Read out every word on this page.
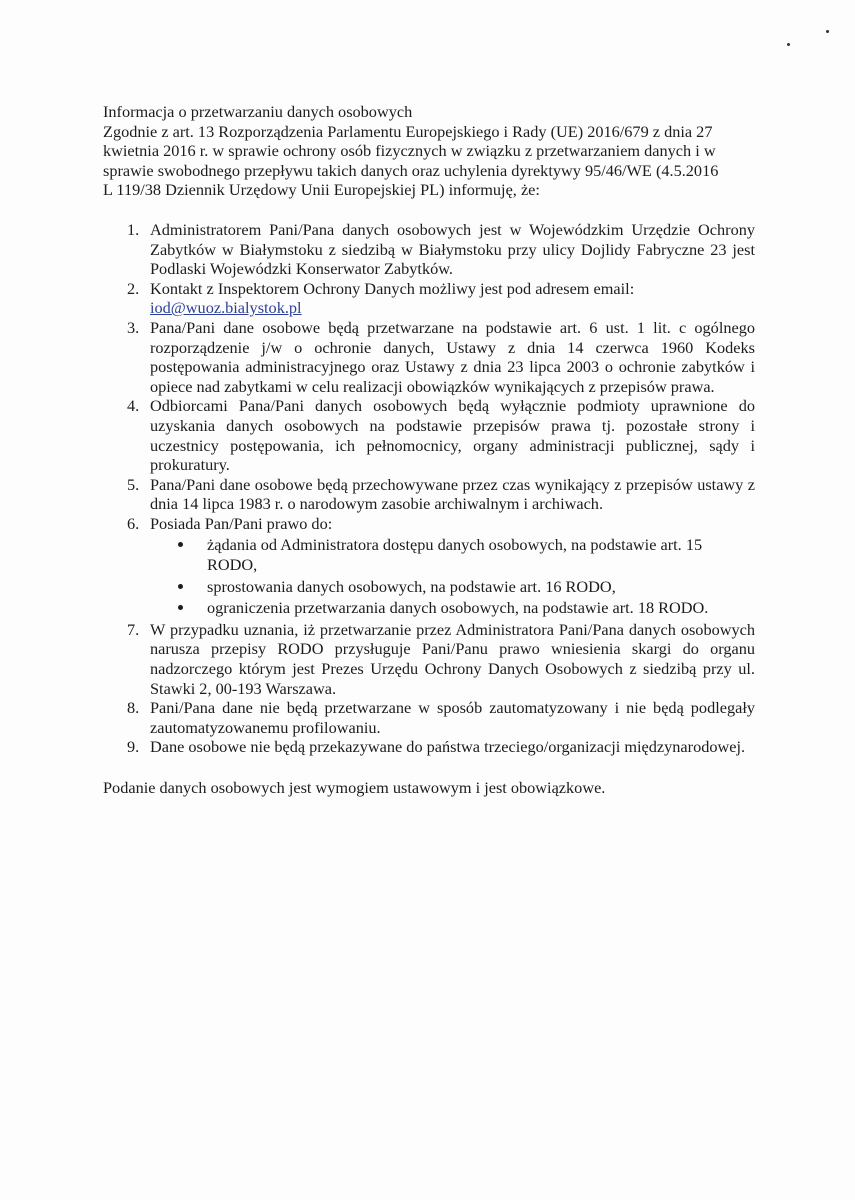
Informacja o przetwarzaniu danych osobowych
Zgodnie z art. 13 Rozporządzenia Parlamentu Europejskiego i Rady (UE) 2016/679 z dnia 27
kwietnia 2016 r. w sprawie ochrony osób fizycznych w związku z przetwarzaniem danych i w
sprawie swobodnego przepływu takich danych oraz uchylenia dyrektywy 95/46/WE (4.5.2016
L 119/38 Dziennik Urzędowy Unii Europejskiej PL) informuję, że:
1. Administratorem Pani/Pana danych osobowych jest w Wojewódzkim Urzędzie Ochrony Zabytków w Białymstoku z siedzibą w Białymstoku przy ulicy Dojlidy Fabryczne 23 jest Podlaski Wojewódzki Konserwator Zabytków.
2. Kontakt z Inspektorem Ochrony Danych możliwy jest pod adresem email:
iod@wuoz.bialystok.pl
3. Pana/Pani dane osobowe będą przetwarzane na podstawie art. 6 ust. 1 lit. c ogólnego rozporządzenie j/w o ochronie danych, Ustawy z dnia 14 czerwca 1960 Kodeks postępowania administracyjnego oraz Ustawy z dnia 23 lipca 2003 o ochronie zabytków i opiece nad zabytkami w celu realizacji obowiązków wynikających z przepisów prawa.
4. Odbiorcami Pana/Pani danych osobowych będą wyłącznie podmioty uprawnione do uzyskania danych osobowych na podstawie przepisów prawa tj. pozostałe strony i uczestnicy postępowania, ich pełnomocnicy, organy administracji publicznej, sądy i prokuratury.
5. Pana/Pani dane osobowe będą przechowywane przez czas wynikający z przepisów ustawy z dnia 14 lipca 1983 r. o narodowym zasobie archiwalnym i archiwach.
6. Posiada Pan/Pani prawo do:
żądania od Administratora dostępu danych osobowych, na podstawie art. 15 RODO,
sprostowania danych osobowych, na podstawie art. 16 RODO,
ograniczenia przetwarzania danych osobowych, na podstawie art. 18 RODO.
7. W przypadku uznania, iż przetwarzanie przez Administratora Pani/Pana danych osobowych narusza przepisy RODO przysługuje Pani/Panu prawo wniesienia skargi do organu nadzorczego którym jest Prezes Urzędu Ochrony Danych Osobowych z siedzibą przy ul. Stawki 2, 00-193 Warszawa.
8. Pani/Pana dane nie będą przetwarzane w sposób zautomatyzowany i nie będą podlegały zautomatyzowanemu profilowaniu.
9. Dane osobowe nie będą przekazywane do państwa trzeciego/organizacji międzynarodowej.

Podanie danych osobowych jest wymogiem ustawowym i jest obowiązkowe.
